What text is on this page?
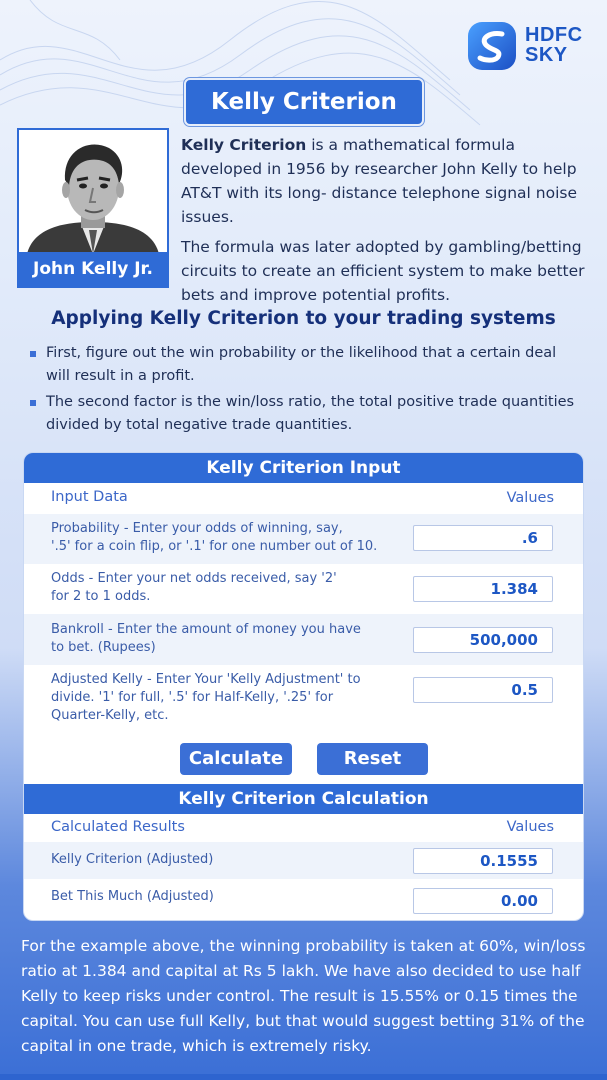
HDFC
SKY
Kelly Criterion
John Kelly Jr.

Kelly Criterion is a mathematical formula developed in 1956 by researcher John Kelly to help AT&T with its long- distance telephone signal noise issues.

The formula was later adopted by gambling/betting circuits to create an efficient system to make better bets and improve potential profits.

Applying Kelly Criterion to your trading systems
First, figure out the win probability or the likelihood that a certain deal will result in a profit.
The second factor is the win/loss ratio, the total positive trade quantities divided by total negative trade quantities.
Kelly Criterion Input
Input Data	Values
Probability - Enter your odds of winning, say,
'.5' for a coin flip, or '.1' for one number out of 10.	.6
Odds - Enter your net odds received, say '2'
for 2 to 1 odds.	1.384
Bankroll - Enter the amount of money you have
to bet. (Rupees)	500,000
Adjusted Kelly - Enter Your 'Kelly Adjustment' to
divide. '1' for full, '.5' for Half-Kelly, '.25' for
Quarter-Kelly, etc.
0.5
Calculate	Reset
Kelly Criterion Calculation
Calculated Results	Values
Kelly Criterion (Adjusted)	0.1555
Bet This Much (Adjusted)	0.00
For the example above, the winning probability is taken at 60%, win/loss ratio at 1.384 and capital at Rs 5 lakh. We have also decided to use half Kelly to keep risks under control. The result is 15.55% or 0.15 times the capital. You can use full Kelly, but that would suggest betting 31% of the capital in one trade, which is extremely risky.
